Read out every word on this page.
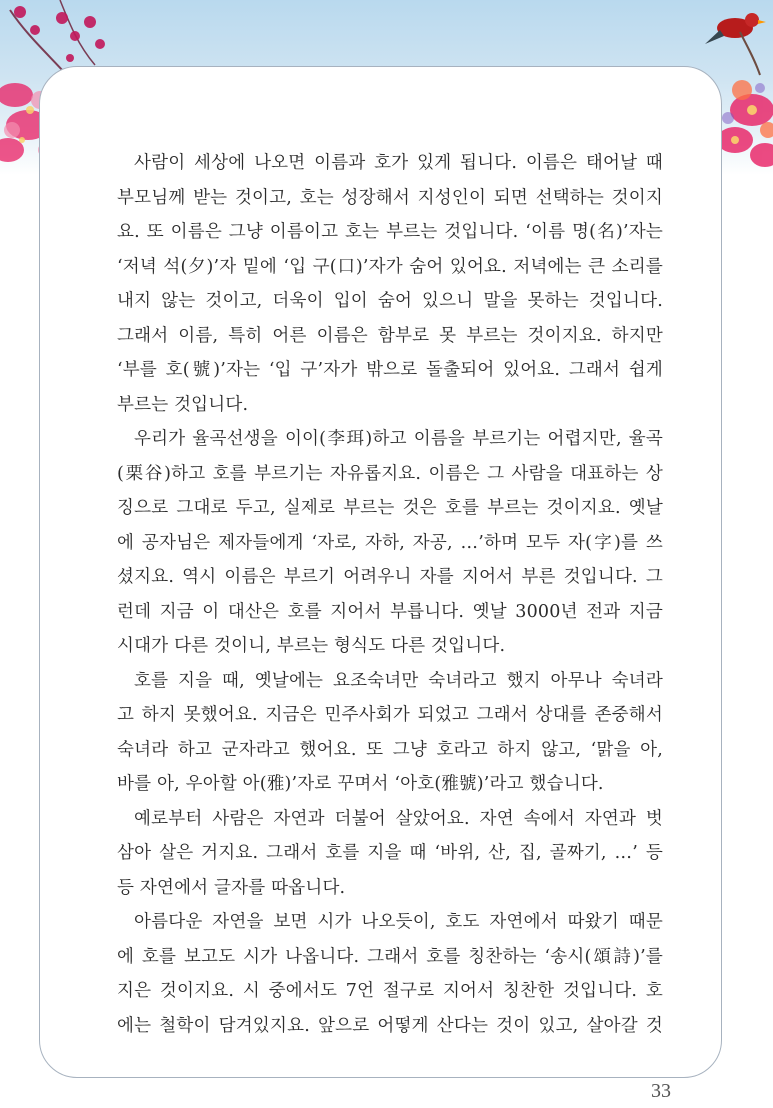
사람이 세상에 나오면 이름과 호가 있게 됩니다. 이름은 태어날 때
부모님께 받는 것이고, 호는 성장해서 지성인이 되면 선택하는 것이지
요. 또 이름은 그냥 이름이고 호는 부르는 것입니다. ‘이름 명(名)’자는
‘저녁 석(夕)’자 밑에 ‘입 구(口)’자가 숨어 있어요. 저녁에는 큰 소리를
내지 않는 것이고, 더욱이 입이 숨어 있으니 말을 못하는 것입니다.
그래서 이름, 특히 어른 이름은 함부로 못 부르는 것이지요. 하지만
‘부를 호(號)’자는 ‘입 구’자가 밖으로 돌출되어 있어요. 그래서 쉽게
부르는 것입니다.
우리가 율곡선생을 이이(李珥)하고 이름을 부르기는 어렵지만, 율곡
(栗谷)하고 호를 부르기는 자유롭지요. 이름은 그 사람을 대표하는 상
징으로 그대로 두고, 실제로 부르는 것은 호를 부르는 것이지요. 옛날
에 공자님은 제자들에게 ‘자로, 자하, 자공, …’하며 모두 자(字)를 쓰
셨지요. 역시 이름은 부르기 어려우니 자를 지어서 부른 것입니다. 그
런데 지금 이 대산은 호를 지어서 부릅니다. 옛날 3000년 전과 지금
시대가 다른 것이니, 부르는 형식도 다른 것입니다.
호를 지을 때, 옛날에는 요조숙녀만 숙녀라고 했지 아무나 숙녀라
고 하지 못했어요. 지금은 민주사회가 되었고 그래서 상대를 존중해서
숙녀라 하고 군자라고 했어요. 또 그냥 호라고 하지 않고, ‘맑을 아,
바를 아, 우아할 아(雅)’자로 꾸며서 ‘아호(雅號)’라고 했습니다.
예로부터 사람은 자연과 더불어 살았어요. 자연 속에서 자연과 벗
삼아 살은 거지요. 그래서 호를 지을 때 ‘바위, 산, 집, 골짜기, …’ 등
등 자연에서 글자를 따옵니다.
아름다운 자연을 보면 시가 나오듯이, 호도 자연에서 따왔기 때문
에 호를 보고도 시가 나옵니다. 그래서 호를 칭찬하는 ‘송시(頌詩)’를
지은 것이지요. 시 중에서도 7언 절구로 지어서 칭찬한 것입니다. 호
에는 철학이 담겨있지요. 앞으로 어떻게 산다는 것이 있고, 살아갈 것
33
